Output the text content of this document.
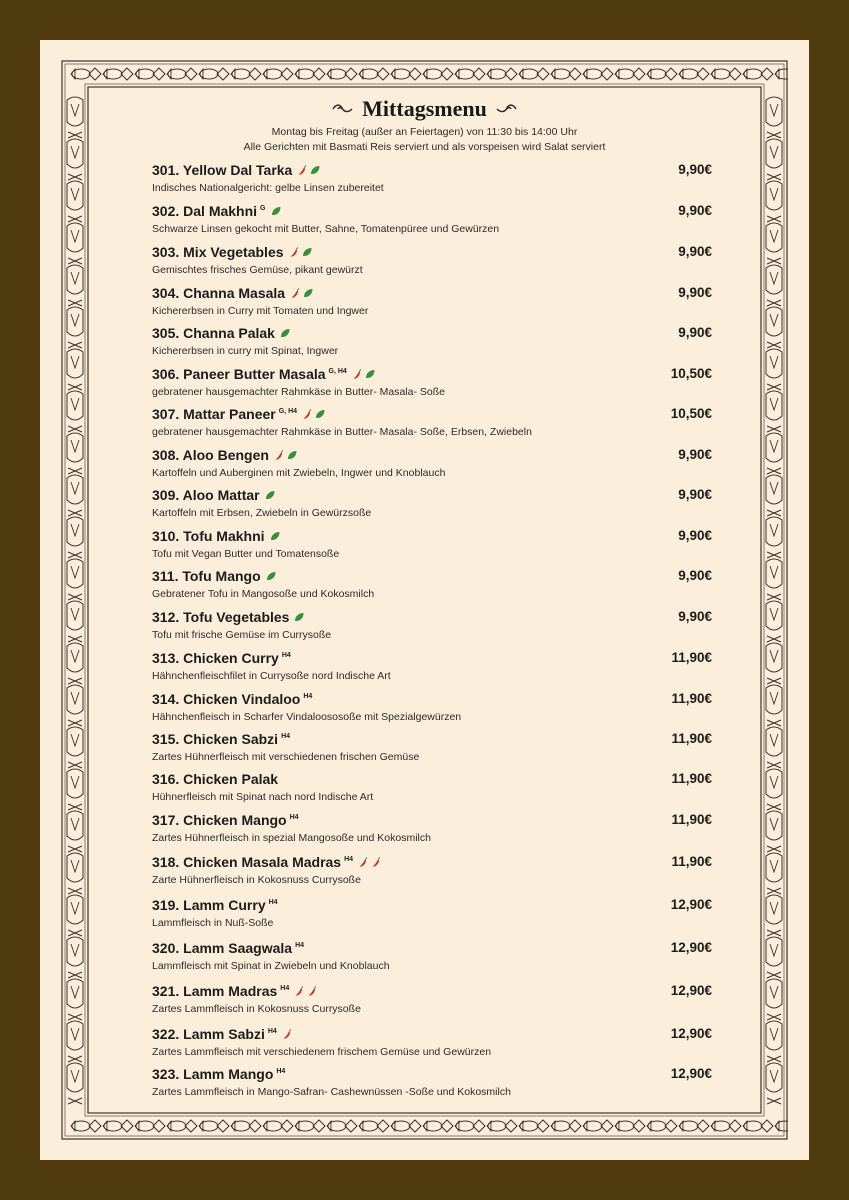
Mittagsmenu
Montag bis Freitag (außer an Feiertagen) von 11:30 bis 14:00 Uhr
Alle Gerichten mit Basmati Reis serviert und als vorspeisen wird Salat serviert
301. Yellow Dal Tarka
Indisches Nationalgericht: gelbe Linsen zubereitet
9,90€
302. Dal Makhni $^G$
Schwarze Linsen gekocht mit Butter, Sahne, Tomatenpüree und Gewürzen
9,90€
303. Mix Vegetables
Gemischtes frisches Gemüse, pikant gewürzt
9,90€
304. Channa Masala
Kichererbsen in Curry mit Tomaten und Ingwer
9,90€
305. Channa Palak
Kichererbsen in curry mit Spinat, Ingwer
9,90€
306. Paneer Butter Masala $^{G, H4}$
gebratener hausgemachter Rahmkäse in Butter- Masala- Soße
10,50€
307. Mattar Paneer $^{G, H4}$
gebratener hausgemachter Rahmkäse in Butter- Masala- Soße, Erbsen, Zwiebeln
10,50€
308. Aloo Bengen
Kartoffeln und Auberginen mit Zwiebeln, Ingwer und Knoblauch
9,90€
309. Aloo Mattar
Kartoffeln mit Erbsen, Zwiebeln in Gewürzsoße
9,90€
310. Tofu Makhni
Tofu mit Vegan Butter und Tomatensoße
9,90€
311. Tofu Mango
Gebratener Tofu in Mangosoße und Kokosmilch
9,90€
312. Tofu Vegetables
Tofu mit frische Gemüse im Currysoße
9,90€
313. Chicken Curry $^{H4}$
Hähnchenfleischfilet in Currysoße nord Indische Art
11,90€
314. Chicken Vindaloo $^{H4}$
Hähnchenfleisch in Scharfer Vindaloososoße mit Spezialgewürzen
11,90€
315. Chicken Sabzi $^{H4}$
Zartes Hühnerfleisch mit verschiedenen frischen Gemüse
11,90€
316. Chicken Palak
Hühnerfleisch mit Spinat nach nord Indische Art
11,90€
317. Chicken Mango $^{H4}$
Zartes Hühnerfleisch in spezial Mangosoße und Kokosmilch
11,90€
318. Chicken Masala Madras $^{H4}$
Zarte Hühnerfleisch in Kokosnuss Currysoße
11,90€
319. Lamm Curry $^{H4}$
Lammfleisch in Nuß-Soße
12,90€
320. Lamm Saagwala $^{H4}$
Lammfleisch mit Spinat in Zwiebeln und Knoblauch
12,90€
321. Lamm Madras $^{H4}$
Zartes Lammfleisch in Kokosnuss Currysoße
12,90€
322. Lamm Sabzi $^{H4}$
Zartes Lammfleisch mit verschiedenem frischem Gemüse und Gewürzen
12,90€
323. Lamm Mango $^{H4}$
Zartes Lammfleisch in Mango-Safran- Cashewnüssen -Soße und Kokosmilch
12,90€
